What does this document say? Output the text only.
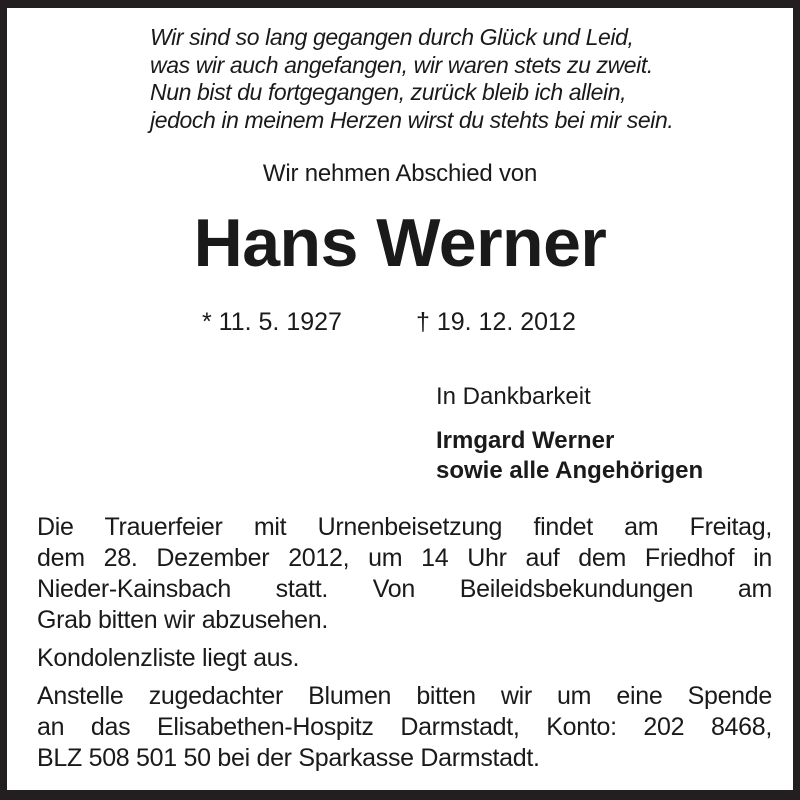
Wir sind so lang gegangen durch Glück und Leid,
was wir auch angefangen, wir waren stets zu zweit.
Nun bist du fortgegangen, zurück bleib ich allein,
jedoch in meinem Herzen wirst du stehts bei mir sein.
Wir nehmen Abschied von
Hans Werner
* 11. 5. 1927	† 19. 12. 2012
In Dankbarkeit
Irmgard Werner
sowie alle Angehörigen

Die Trauerfeier mit Urnenbeisetzung findet am Freitag,
dem 28. Dezember 2012, um 14 Uhr auf dem Friedhof in
Nieder-Kainsbach statt. Von Beileidsbekundungen am
Grab bitten wir abzusehen.

Kondolenzliste liegt aus.

Anstelle zugedachter Blumen bitten wir um eine Spende
an das Elisabethen-Hospitz Darmstadt, Konto: 202 8468,
BLZ 508 501 50 bei der Sparkasse Darmstadt.
